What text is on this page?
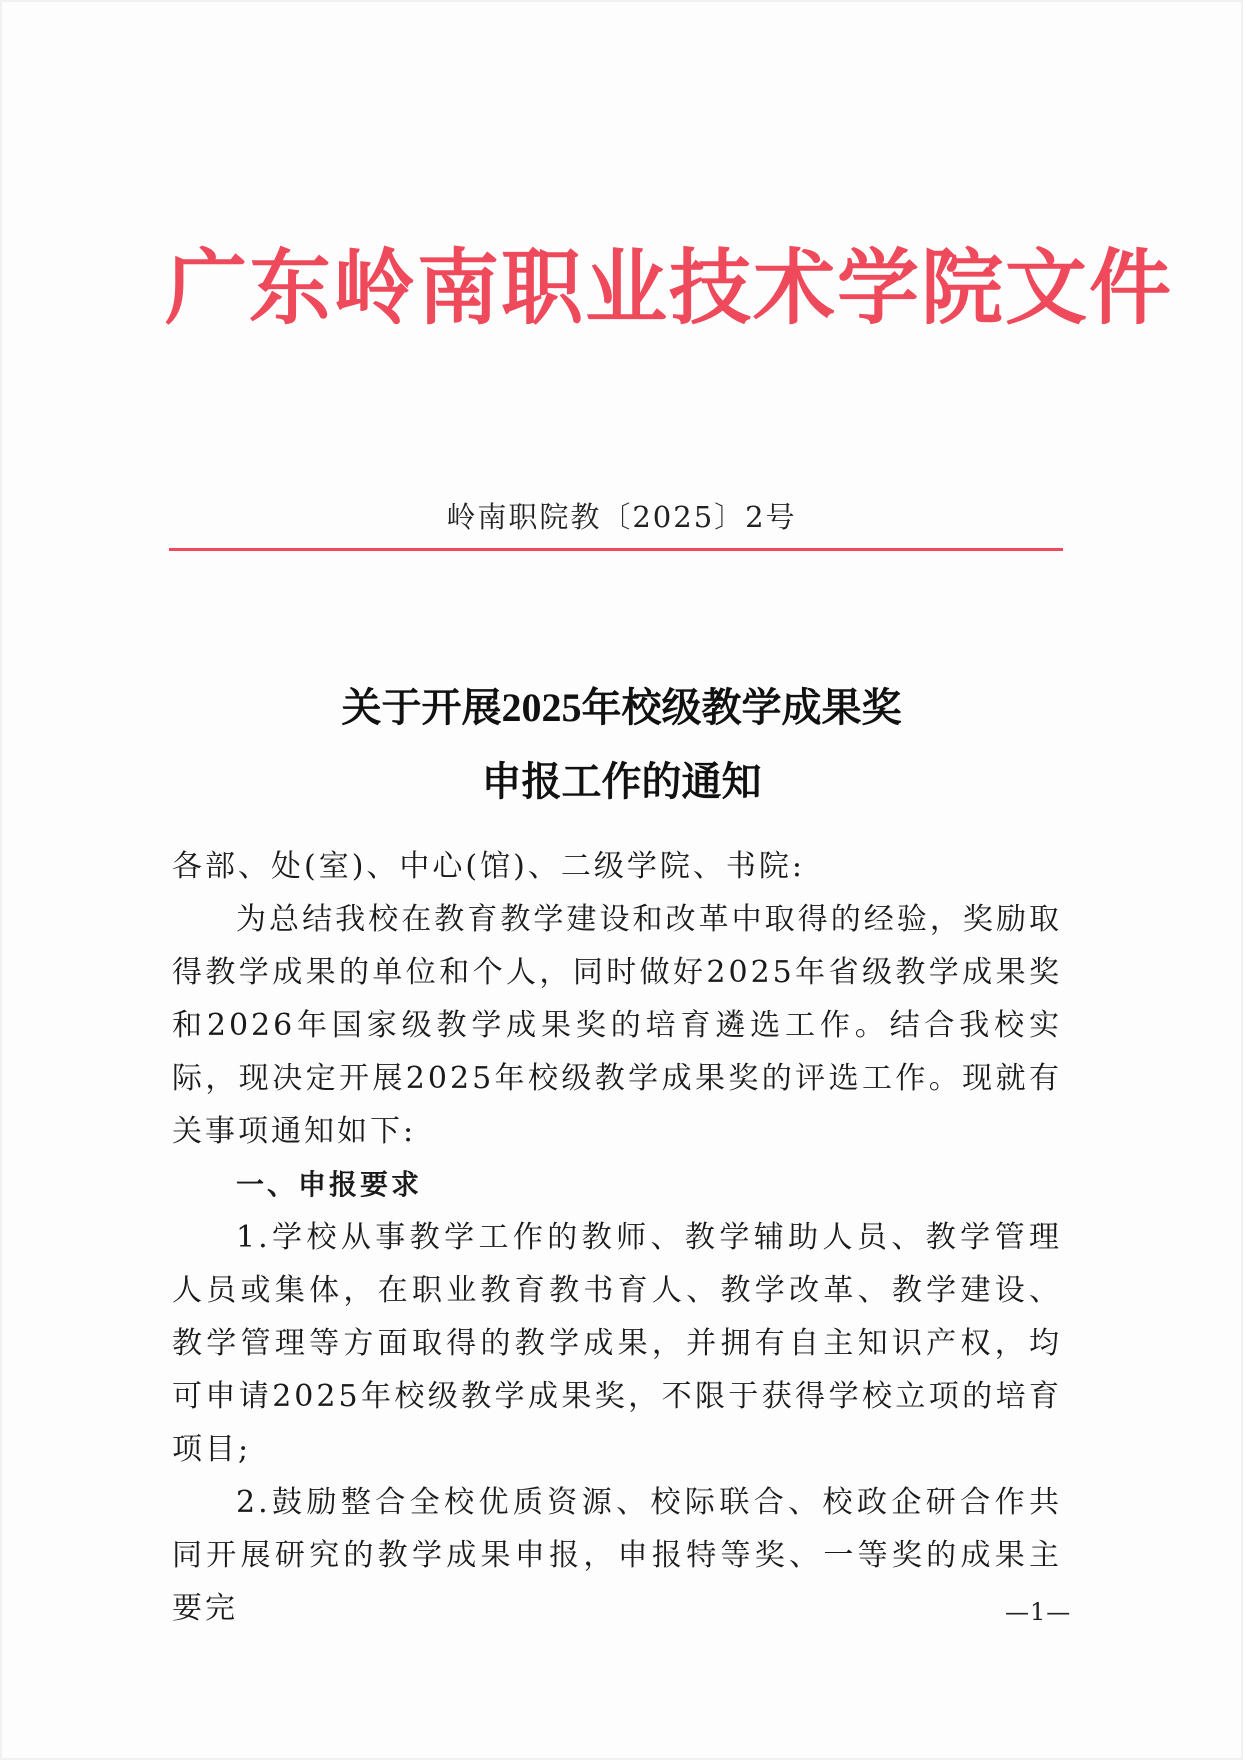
广东岭南职业技术学院文件
岭南职院教〔2025〕2号
关于开展2025年校级教学成果奖
申报工作的通知

各部、处(室)、中心(馆)、二级学院、书院:

为总结我校在教育教学建设和改革中取得的经验，奖励取得教学成果的单位和个人，同时做好2025年省级教学成果奖和2026年国家级教学成果奖的培育遴选工作。结合我校实际，现决定开展2025年校级教学成果奖的评选工作。现就有关事项通知如下:

一、申报要求

1.学校从事教学工作的教师、教学辅助人员、教学管理人员或集体，在职业教育教书育人、教学改革、教学建设、教学管理等方面取得的教学成果，并拥有自主知识产权，均可申请2025年校级教学成果奖，不限于获得学校立项的培育项目;

2.鼓励整合全校优质资源、校际联合、校政企研合作共同开展研究的教学成果申报，申报特等奖、一等奖的成果主要完	—1—
